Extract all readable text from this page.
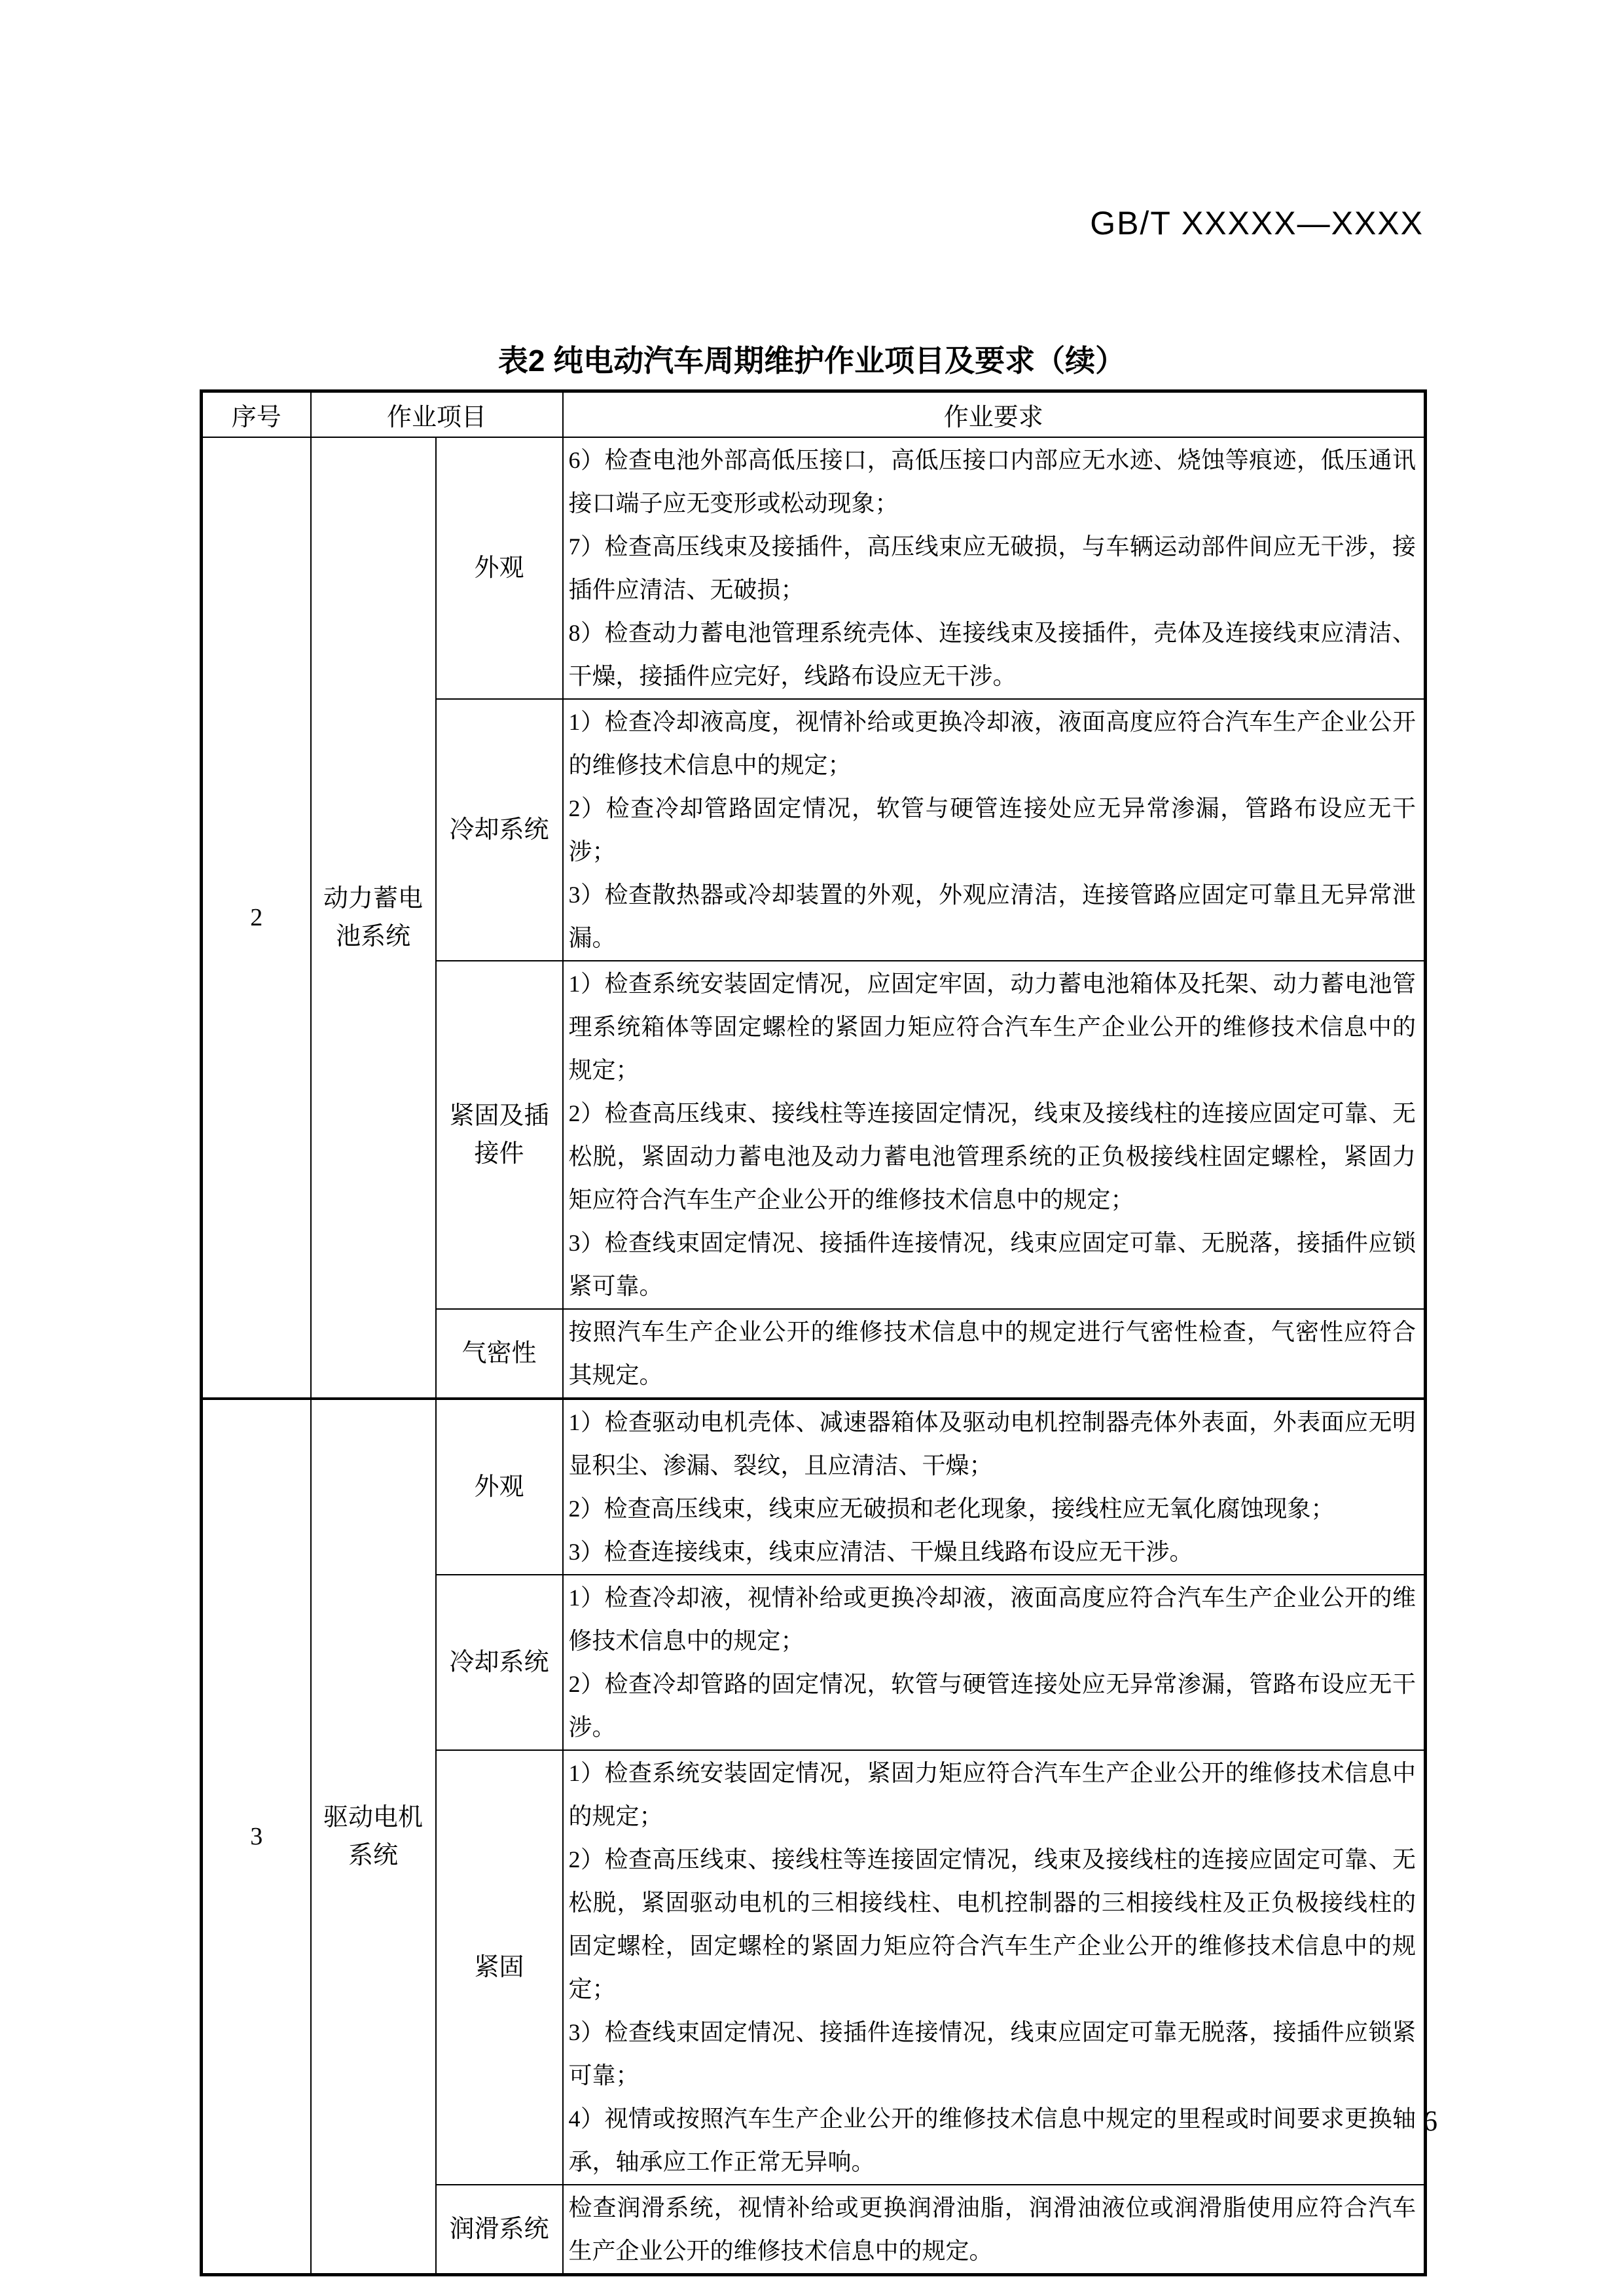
GB/T XXXXX—XXXX
表2 纯电动汽车周期维护作业项目及要求（续）
序号	作业项目		作业要求
2	动力蓄电池系统	外观	6）检查电池外部高低压接口，高低压接口内部应无水迹、烧蚀等痕迹，低压通讯接口端子应无变形或松动现象；
7）检查高压线束及接插件，高压线束应无破损，与车辆运动部件间应无干涉，接插件应清洁、无破损；
8）检查动力蓄电池管理系统壳体、连接线束及接插件，壳体及连接线束应清洁、干燥，接插件应完好，线路布设应无干涉。

		冷却系统	1）检查冷却液高度，视情补给或更换冷却液，液面高度应符合汽车生产企业公开的维修技术信息中的规定；
2）检查冷却管路固定情况，软管与硬管连接处应无异常渗漏，管路布设应无干涉；
3）检查散热器或冷却装置的外观，外观应清洁，连接管路应固定可靠且无异常泄漏。

		紧固及插接件	1）检查系统安装固定情况，应固定牢固，动力蓄电池箱体及托架、动力蓄电池管理系统箱体等固定螺栓的紧固力矩应符合汽车生产企业公开的维修技术信息中的规定；
2）检查高压线束、接线柱等连接固定情况，线束及接线柱的连接应固定可靠、无松脱，紧固动力蓄电池及动力蓄电池管理系统的正负极接线柱固定螺栓，紧固力矩应符合汽车生产企业公开的维修技术信息中的规定；
3）检查线束固定情况、接插件连接情况，线束应固定可靠、无脱落，接插件应锁紧可靠。

		气密性	按照汽车生产企业公开的维修技术信息中的规定进行气密性检查，气密性应符合其规定。

3	驱动电机系统	外观	1）检查驱动电机壳体、减速器箱体及驱动电机控制器壳体外表面，外表面应无明显积尘、渗漏、裂纹，且应清洁、干燥；
2）检查高压线束，线束应无破损和老化现象，接线柱应无氧化腐蚀现象；
3）检查连接线束，线束应清洁、干燥且线路布设应无干涉。

		冷却系统	1）检查冷却液，视情补给或更换冷却液，液面高度应符合汽车生产企业公开的维修技术信息中的规定；
2）检查冷却管路的固定情况，软管与硬管连接处应无异常渗漏，管路布设应无干涉。

		紧固	1）检查系统安装固定情况，紧固力矩应符合汽车生产企业公开的维修技术信息中的规定；
2）检查高压线束、接线柱等连接固定情况，线束及接线柱的连接应固定可靠、无松脱，紧固驱动电机的三相接线柱、电机控制器的三相接线柱及正负极接线柱的固定螺栓，固定螺栓的紧固力矩应符合汽车生产企业公开的维修技术信息中的规定；
3）检查线束固定情况、接插件连接情况，线束应固定可靠无脱落，接插件应锁紧可靠；
4）视情或按照汽车生产企业公开的维修技术信息中规定的里程或时间要求更换轴承，轴承应工作正常无异响。

		润滑系统	检查润滑系统，视情补给或更换润滑油脂，润滑油液位或润滑脂使用应符合汽车生产企业公开的维修技术信息中的规定。
6
